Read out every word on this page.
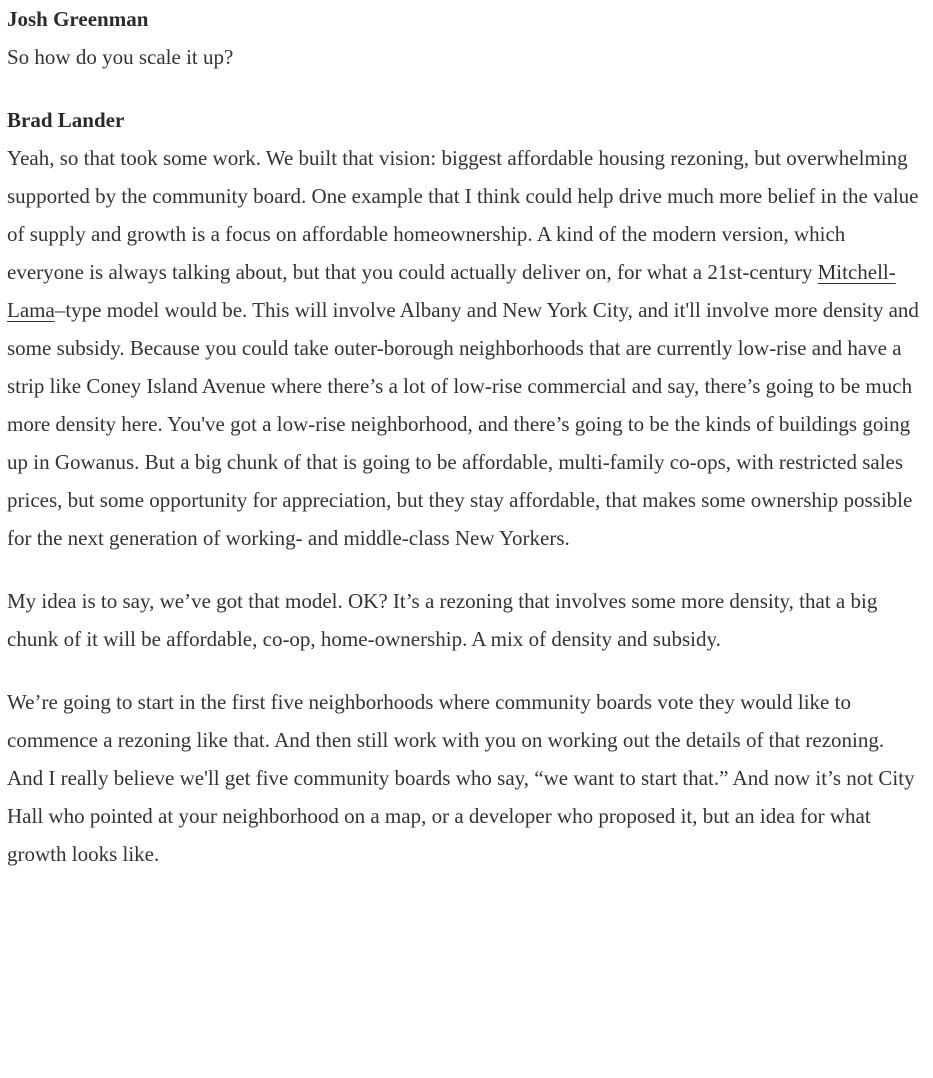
Josh Greenman

So how do you scale it up?

Brad Lander

Yeah, so that took some work. We built that vision: biggest affordable housing rezoning, but overwhelming supported by the community board. One example that I think could help drive much more belief in the value of supply and growth is a focus on affordable homeownership. A kind of the modern version, which everyone is always talking about, but that you could actually deliver on, for what a 21st-century Mitchell-Lama–type model would be. This will involve Albany and New York City, and it'll involve more density and some subsidy. Because you could take outer-borough neighborhoods that are currently low-rise and have a strip like Coney Island Avenue where there’s a lot of low-rise commercial and say, there’s going to be much more density here. You've got a low-rise neighborhood, and there’s going to be the kinds of buildings going up in Gowanus. But a big chunk of that is going to be affordable, multi-family co-ops, with restricted sales prices, but some opportunity for appreciation, but they stay affordable, that makes some ownership possible for the next generation of working- and middle-class New Yorkers.

My idea is to say, we’ve got that model. OK? It’s a rezoning that involves some more density, that a big chunk of it will be affordable, co-op, home-ownership. A mix of density and subsidy.

We’re going to start in the first five neighborhoods where community boards vote they would like to commence a rezoning like that. And then still work with you on working out the details of that rezoning. And I really believe we'll get five community boards who say, “we want to start that.” And now it’s not City Hall who pointed at your neighborhood on a map, or a developer who proposed it, but an idea for what growth looks like.
